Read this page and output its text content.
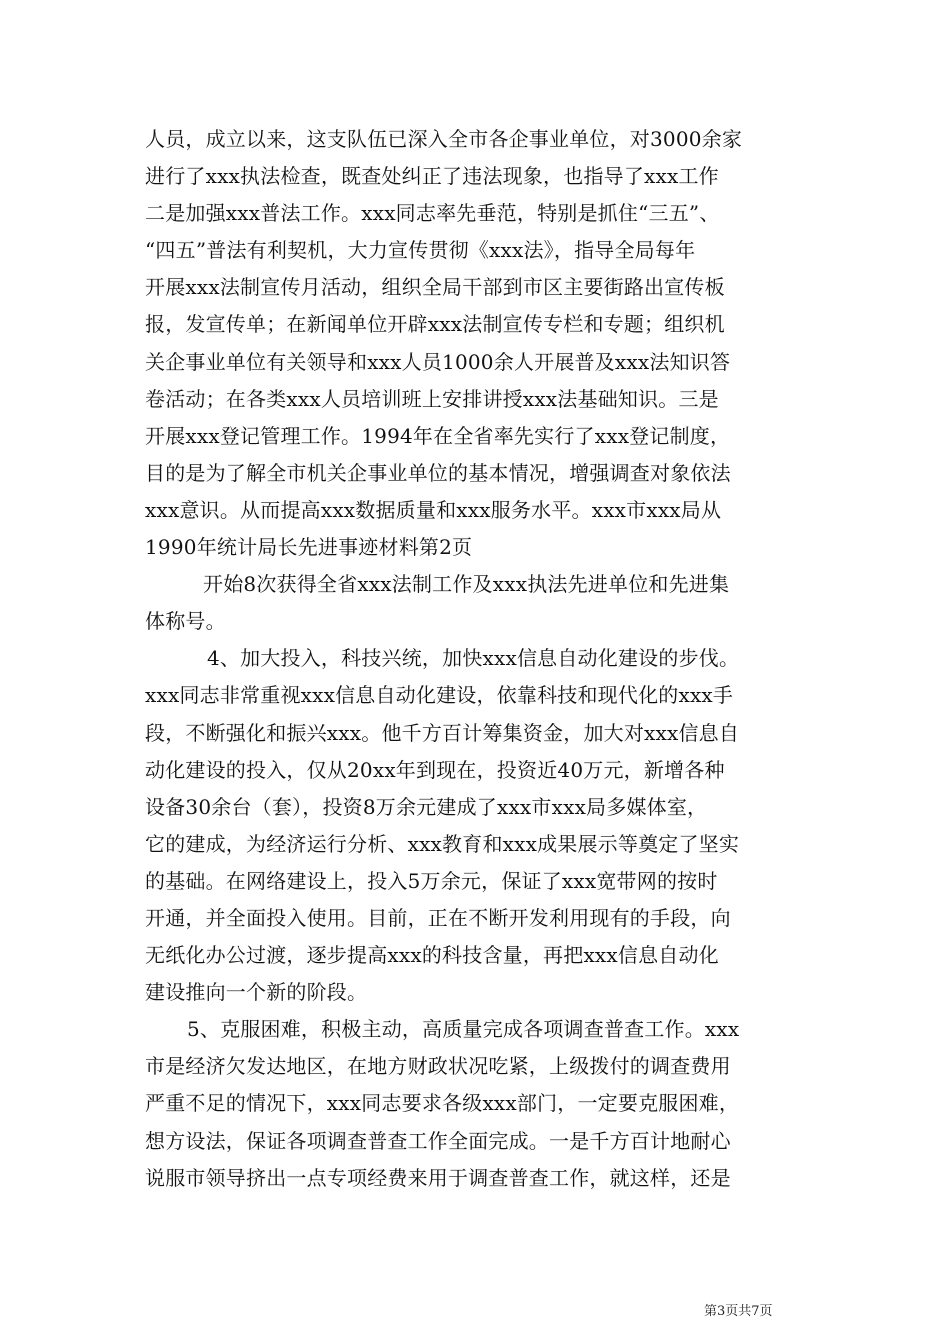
人员，成立以来，这支队伍已深入全市各企事业单位，对3000余家
进行了xxx执法检查，既查处纠正了违法现象，也指导了xxx工作
二是加强xxx普法工作。xxx同志率先垂范，特别是抓住“三五”、
“四五”普法有利契机，大力宣传贯彻《xxx法》，指导全局每年
开展xxx法制宣传月活动，组织全局干部到市区主要街路出宣传板
报，发宣传单；在新闻单位开辟xxx法制宣传专栏和专题；组织机
关企事业单位有关领导和xxx人员1000余人开展普及xxx法知识答
卷活动；在各类xxx人员培训班上安排讲授xxx法基础知识。三是
开展xxx登记管理工作。1994年在全省率先实行了xxx登记制度，
目的是为了解全市机关企事业单位的基本情况，增强调查对象依法
xxx意识。从而提高xxx数据质量和xxx服务水平。xxx市xxx局从
1990年统计局长先进事迹材料第2页
开始8次获得全省xxx法制工作及xxx执法先进单位和先进集
体称号。
4、加大投入，科技兴统，加快xxx信息自动化建设的步伐。
xxx同志非常重视xxx信息自动化建设，依靠科技和现代化的xxx手
段，不断强化和振兴xxx。他千方百计筹集资金，加大对xxx信息自
动化建设的投入，仅从20xx年到现在，投资近40万元，新增各种
设备30余台（套），投资8万余元建成了xxx市xxx局多媒体室，
它的建成，为经济运行分析、xxx教育和xxx成果展示等奠定了坚实
的基础。在网络建设上，投入5万余元，保证了xxx宽带网的按时
开通，并全面投入使用。目前，正在不断开发利用现有的手段，向
无纸化办公过渡，逐步提高xxx的科技含量，再把xxx信息自动化
建设推向一个新的阶段。
5、克服困难，积极主动，高质量完成各项调查普查工作。xxx
市是经济欠发达地区，在地方财政状况吃紧，上级拨付的调查费用
严重不足的情况下，xxx同志要求各级xxx部门，一定要克服困难，
想方设法，保证各项调查普查工作全面完成。一是千方百计地耐心
说服市领导挤出一点专项经费来用于调查普查工作，就这样，还是
第3页共7页
